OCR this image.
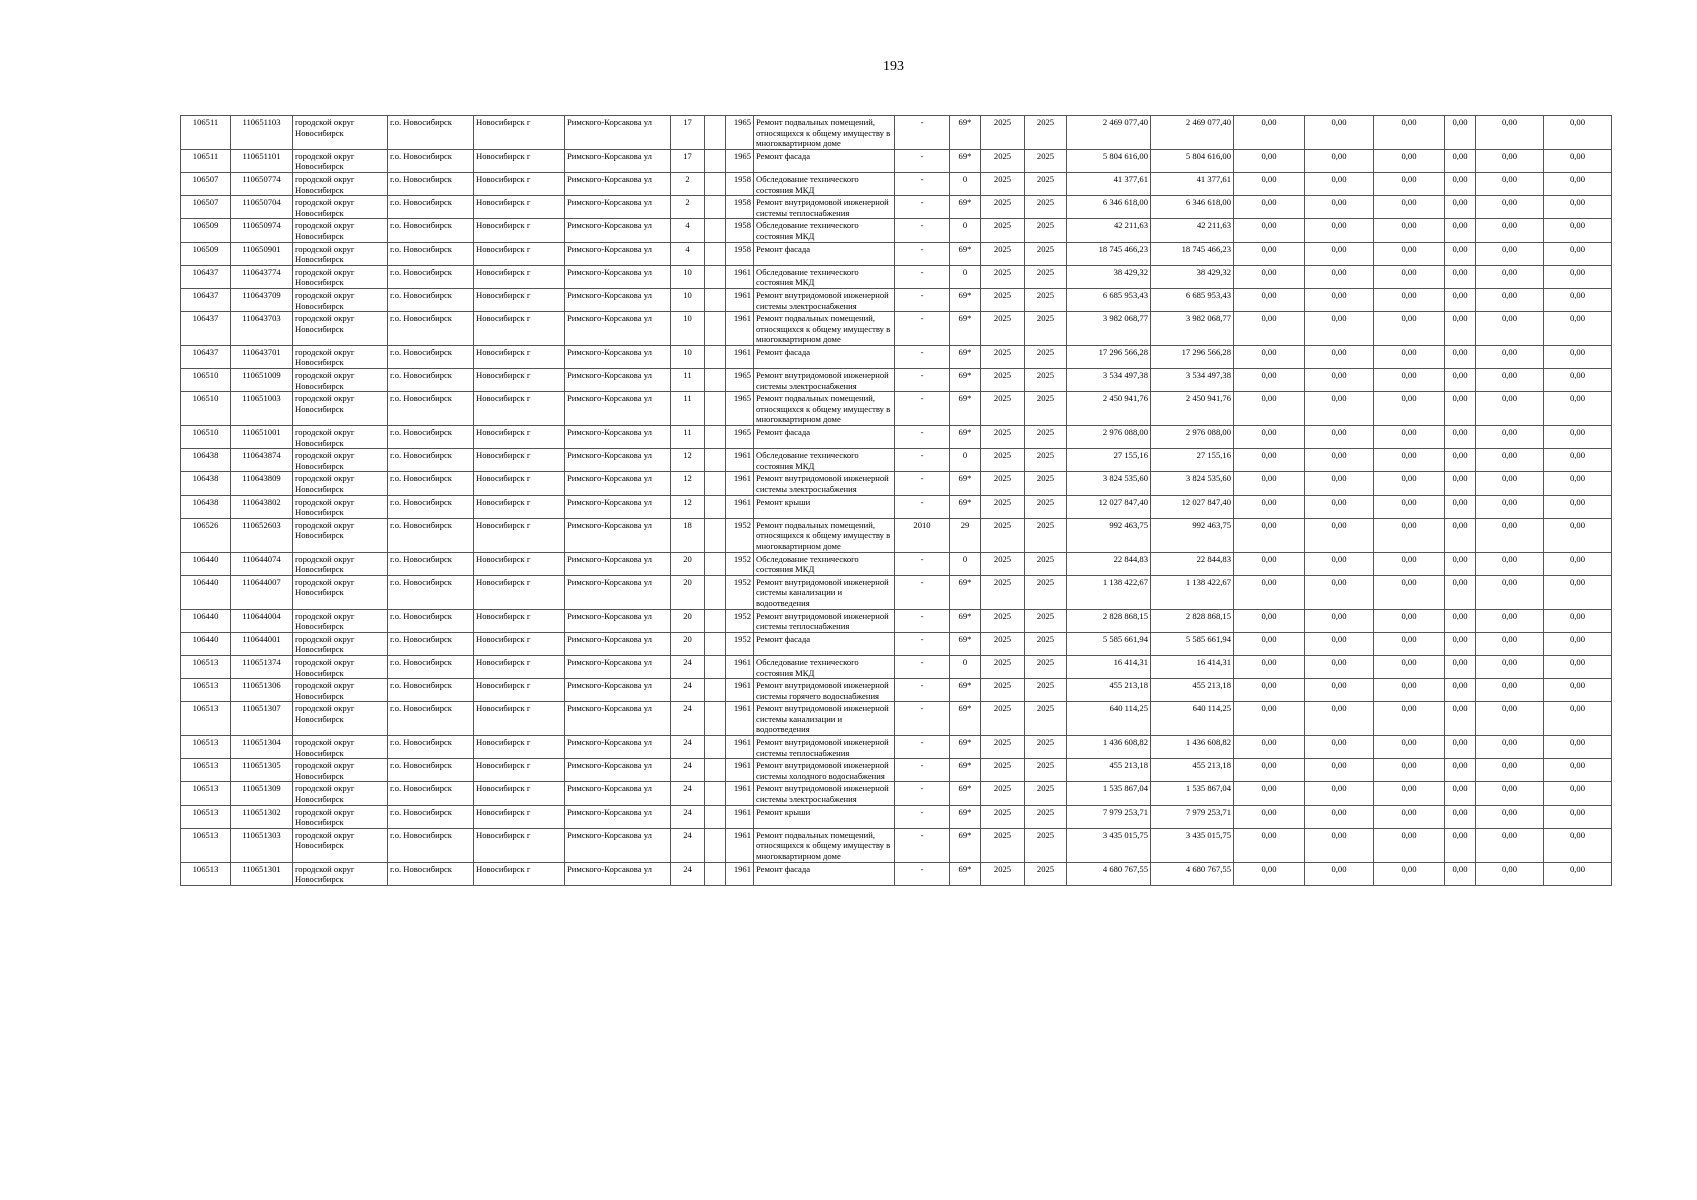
193
106511	110651103	городской округ Новосибирск	г.о. Новосибирск	Новосибирск г	Римского-Корсакова ул	17		1965	Ремонт подвальных помещений, относящихся к общему имуществу в многоквартирном доме	-	69*	2025	2025	2 469 077,40	2 469 077,40	0,00	0,00	0,00	0,00	0,00	0,00
106511	110651101	городской округ Новосибирск	г.о. Новосибирск	Новосибирск г	Римского-Корсакова ул	17		1965	Ремонт фасада	-	69*	2025	2025	5 804 616,00	5 804 616,00	0,00	0,00	0,00	0,00	0,00	0,00
106507	110650774	городской округ Новосибирск	г.о. Новосибирск	Новосибирск г	Римского-Корсакова ул	2		1958	Обследование технического состояния МКД	-	0	2025	2025	41 377,61	41 377,61	0,00	0,00	0,00	0,00	0,00	0,00
106507	110650704	городской округ Новосибирск	г.о. Новосибирск	Новосибирск г	Римского-Корсакова ул	2		1958	Ремонт внутридомовой инженерной системы теплоснабжения	-	69*	2025	2025	6 346 618,00	6 346 618,00	0,00	0,00	0,00	0,00	0,00	0,00
106509	110650974	городской округ Новосибирск	г.о. Новосибирск	Новосибирск г	Римского-Корсакова ул	4		1958	Обследование технического состояния МКД	-	0	2025	2025	42 211,63	42 211,63	0,00	0,00	0,00	0,00	0,00	0,00
106509	110650901	городской округ Новосибирск	г.о. Новосибирск	Новосибирск г	Римского-Корсакова ул	4		1958	Ремонт фасада	-	69*	2025	2025	18 745 466,23	18 745 466,23	0,00	0,00	0,00	0,00	0,00	0,00
106437	110643774	городской округ Новосибирск	г.о. Новосибирск	Новосибирск г	Римского-Корсакова ул	10		1961	Обследование технического состояния МКД	-	0	2025	2025	38 429,32	38 429,32	0,00	0,00	0,00	0,00	0,00	0,00
106437	110643709	городской округ Новосибирск	г.о. Новосибирск	Новосибирск г	Римского-Корсакова ул	10		1961	Ремонт внутридомовой инженерной системы электроснабжения	-	69*	2025	2025	6 685 953,43	6 685 953,43	0,00	0,00	0,00	0,00	0,00	0,00
106437	110643703	городской округ Новосибирск	г.о. Новосибирск	Новосибирск г	Римского-Корсакова ул	10		1961	Ремонт подвальных помещений, относящихся к общему имуществу в многоквартирном доме	-	69*	2025	2025	3 982 068,77	3 982 068,77	0,00	0,00	0,00	0,00	0,00	0,00
106437	110643701	городской округ Новосибирск	г.о. Новосибирск	Новосибирск г	Римского-Корсакова ул	10		1961	Ремонт фасада	-	69*	2025	2025	17 296 566,28	17 296 566,28	0,00	0,00	0,00	0,00	0,00	0,00
106510	110651009	городской округ Новосибирск	г.о. Новосибирск	Новосибирск г	Римского-Корсакова ул	11		1965	Ремонт внутридомовой инженерной системы электроснабжения	-	69*	2025	2025	3 534 497,38	3 534 497,38	0,00	0,00	0,00	0,00	0,00	0,00
106510	110651003	городской округ Новосибирск	г.о. Новосибирск	Новосибирск г	Римского-Корсакова ул	11		1965	Ремонт подвальных помещений, относящихся к общему имуществу в многоквартирном доме	-	69*	2025	2025	2 450 941,76	2 450 941,76	0,00	0,00	0,00	0,00	0,00	0,00
106510	110651001	городской округ Новосибирск	г.о. Новосибирск	Новосибирск г	Римского-Корсакова ул	11		1965	Ремонт фасада	-	69*	2025	2025	2 976 088,00	2 976 088,00	0,00	0,00	0,00	0,00	0,00	0,00
106438	110643874	городской округ Новосибирск	г.о. Новосибирск	Новосибирск г	Римского-Корсакова ул	12		1961	Обследование технического состояния МКД	-	0	2025	2025	27 155,16	27 155,16	0,00	0,00	0,00	0,00	0,00	0,00
106438	110643809	городской округ Новосибирск	г.о. Новосибирск	Новосибирск г	Римского-Корсакова ул	12		1961	Ремонт внутридомовой инженерной системы электроснабжения	-	69*	2025	2025	3 824 535,60	3 824 535,60	0,00	0,00	0,00	0,00	0,00	0,00
106438	110643802	городской округ Новосибирск	г.о. Новосибирск	Новосибирск г	Римского-Корсакова ул	12		1961	Ремонт крыши	-	69*	2025	2025	12 027 847,40	12 027 847,40	0,00	0,00	0,00	0,00	0,00	0,00
106526	110652603	городской округ Новосибирск	г.о. Новосибирск	Новосибирск г	Римского-Корсакова ул	18		1952	Ремонт подвальных помещений, относящихся к общему имуществу в многоквартирном доме	2010	29	2025	2025	992 463,75	992 463,75	0,00	0,00	0,00	0,00	0,00	0,00
106440	110644074	городской округ Новосибирск	г.о. Новосибирск	Новосибирск г	Римского-Корсакова ул	20		1952	Обследование технического состояния МКД	-	0	2025	2025	22 844,83	22 844,83	0,00	0,00	0,00	0,00	0,00	0,00
106440	110644007	городской округ Новосибирск	г.о. Новосибирск	Новосибирск г	Римского-Корсакова ул	20		1952	Ремонт внутридомовой инженерной системы канализации и водоотведения	-	69*	2025	2025	1 138 422,67	1 138 422,67	0,00	0,00	0,00	0,00	0,00	0,00
106440	110644004	городской округ Новосибирск	г.о. Новосибирск	Новосибирск г	Римского-Корсакова ул	20		1952	Ремонт внутридомовой инженерной системы теплоснабжения	-	69*	2025	2025	2 828 868,15	2 828 868,15	0,00	0,00	0,00	0,00	0,00	0,00
106440	110644001	городской округ Новосибирск	г.о. Новосибирск	Новосибирск г	Римского-Корсакова ул	20		1952	Ремонт фасада	-	69*	2025	2025	5 585 661,94	5 585 661,94	0,00	0,00	0,00	0,00	0,00	0,00
106513	110651374	городской округ Новосибирск	г.о. Новосибирск	Новосибирск г	Римского-Корсакова ул	24		1961	Обследование технического состояния МКД	-	0	2025	2025	16 414,31	16 414,31	0,00	0,00	0,00	0,00	0,00	0,00
106513	110651306	городской округ Новосибирск	г.о. Новосибирск	Новосибирск г	Римского-Корсакова ул	24		1961	Ремонт внутридомовой инженерной системы горячего водоснабжения	-	69*	2025	2025	455 213,18	455 213,18	0,00	0,00	0,00	0,00	0,00	0,00
106513	110651307	городской округ Новосибирск	г.о. Новосибирск	Новосибирск г	Римского-Корсакова ул	24		1961	Ремонт внутридомовой инженерной системы канализации и водоотведения	-	69*	2025	2025	640 114,25	640 114,25	0,00	0,00	0,00	0,00	0,00	0,00
106513	110651304	городской округ Новосибирск	г.о. Новосибирск	Новосибирск г	Римского-Корсакова ул	24		1961	Ремонт внутридомовой инженерной системы теплоснабжения	-	69*	2025	2025	1 436 608,82	1 436 608,82	0,00	0,00	0,00	0,00	0,00	0,00
106513	110651305	городской округ Новосибирск	г.о. Новосибирск	Новосибирск г	Римского-Корсакова ул	24		1961	Ремонт внутридомовой инженерной системы холодного водоснабжения	-	69*	2025	2025	455 213,18	455 213,18	0,00	0,00	0,00	0,00	0,00	0,00
106513	110651309	городской округ Новосибирск	г.о. Новосибирск	Новосибирск г	Римского-Корсакова ул	24		1961	Ремонт внутридомовой инженерной системы электроснабжения	-	69*	2025	2025	1 535 867,04	1 535 867,04	0,00	0,00	0,00	0,00	0,00	0,00
106513	110651302	городской округ Новосибирск	г.о. Новосибирск	Новосибирск г	Римского-Корсакова ул	24		1961	Ремонт крыши	-	69*	2025	2025	7 979 253,71	7 979 253,71	0,00	0,00	0,00	0,00	0,00	0,00
106513	110651303	городской округ Новосибирск	г.о. Новосибирск	Новосибирск г	Римского-Корсакова ул	24		1961	Ремонт подвальных помещений, относящихся к общему имуществу в многоквартирном доме	-	69*	2025	2025	3 435 015,75	3 435 015,75	0,00	0,00	0,00	0,00	0,00	0,00
106513	110651301	городской округ Новосибирск	г.о. Новосибирск	Новосибирск г	Римского-Корсакова ул	24		1961	Ремонт фасада	-	69*	2025	2025	4 680 767,55	4 680 767,55	0,00	0,00	0,00	0,00	0,00	0,00
